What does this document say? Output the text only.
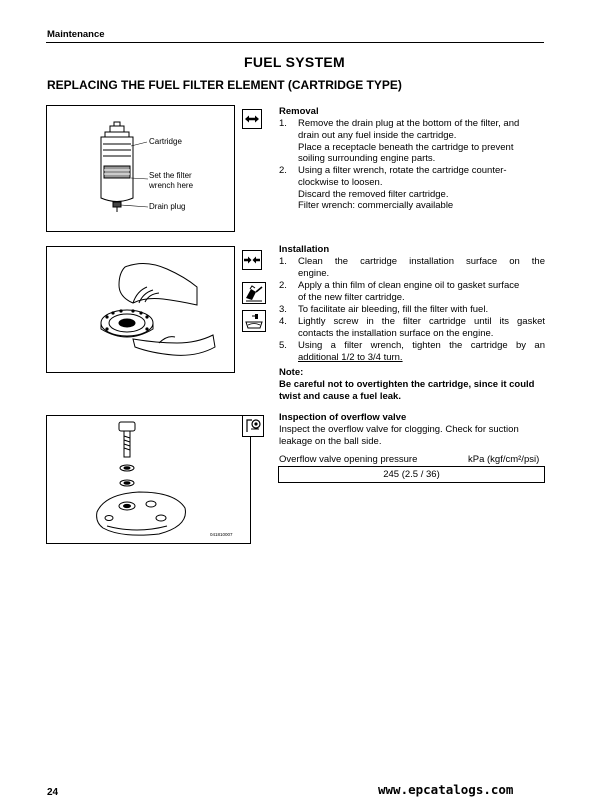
Maintenance
FUEL SYSTEM
REPLACING THE FUEL FILTER ELEMENT (CARTRIDGE TYPE)
Cartridge
Set the filter
wrench here
Drain plug
Removal
1. Remove the drain plug at the bottom of the filter, and
drain out any fuel inside the cartridge.
Place a receptacle beneath the cartridge to prevent
soiling surrounding engine parts.
2. Using a filter wrench, rotate the cartridge counter-
clockwise to loosen.
Discard the removed filter cartridge.
Filter wrench: commercially available
Installation
1. Clean the cartridge installation surface on the
engine.
2. Apply a thin film of clean engine oil to gasket surface
of the new filter cartridge.
3. To facilitate air bleeding, fill the filter with fuel.
4. Lightly screw in the filter cartridge until its gasket
contacts the installation surface on the engine.
5. Using a filter wrench, tighten the cartridge by an
additional 1/2 to 3/4 turn.
Note:
Be careful not to overtighten the cartridge, since it could
twist and cause a fuel leak.
041810007
Inspection of overflow valve
Inspect the overflow valve for clogging. Check for suction
leakage on the ball side.
Overflow valve opening pressure	kPa (kgf/cm²/psi)
245 (2.5 / 36)
24	www.epcatalogs.com
